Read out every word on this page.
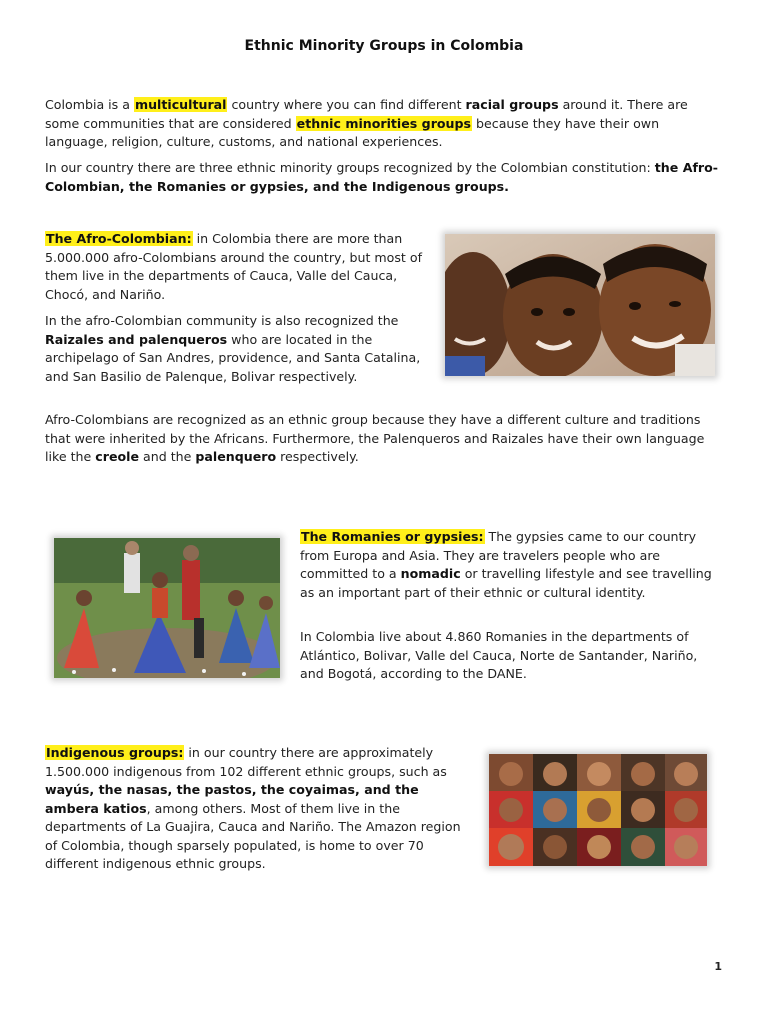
Ethnic Minority Groups in Colombia

Colombia is a multicultural country where you can find different racial groups around it. There are some communities that are considered ethnic minorities groups because they have their own language, religion, culture, customs, and national experiences.

In our country there are three ethnic minority groups recognized by the Colombian constitution: the Afro-Colombian, the Romanies or gypsies, and the Indigenous groups.

The Afro-Colombian: in Colombia there are more than 5.000.000 afro-Colombians around the country, but most of them live in the departments of Cauca, Valle del Cauca, Chocó, and Nariño.

In the afro-Colombian community is also recognized the Raizales and palenqueros who are located in the archipelago of San Andres, providence, and Santa Catalina, and San Basilio de Palenque, Bolivar respectively.

Afro-Colombians are recognized as an ethnic group because they have a different culture and traditions that were inherited by the Africans. Furthermore, the Palenqueros and Raizales have their own language like the creole and the palenquero respectively.

The Romanies or gypsies: The gypsies came to our country from Europa and Asia. They are travelers people who are committed to a nomadic or travelling lifestyle and see travelling as an important part of their ethnic or cultural identity.

In Colombia live about 4.860 Romanies in the departments of Atlántico, Bolivar, Valle del Cauca, Norte de Santander, Nariño, and Bogotá, according to the DANE.

Indigenous groups: in our country there are approximately 1.500.000 indigenous from 102 different ethnic groups, such as wayús, the nasas, the pastos, the coyaimas, and the ambera katios, among others. Most of them live in the departments of La Guajira, Cauca and Nariño. The Amazon region of Colombia, though sparsely populated, is home to over 70 different indigenous ethnic groups.

1
